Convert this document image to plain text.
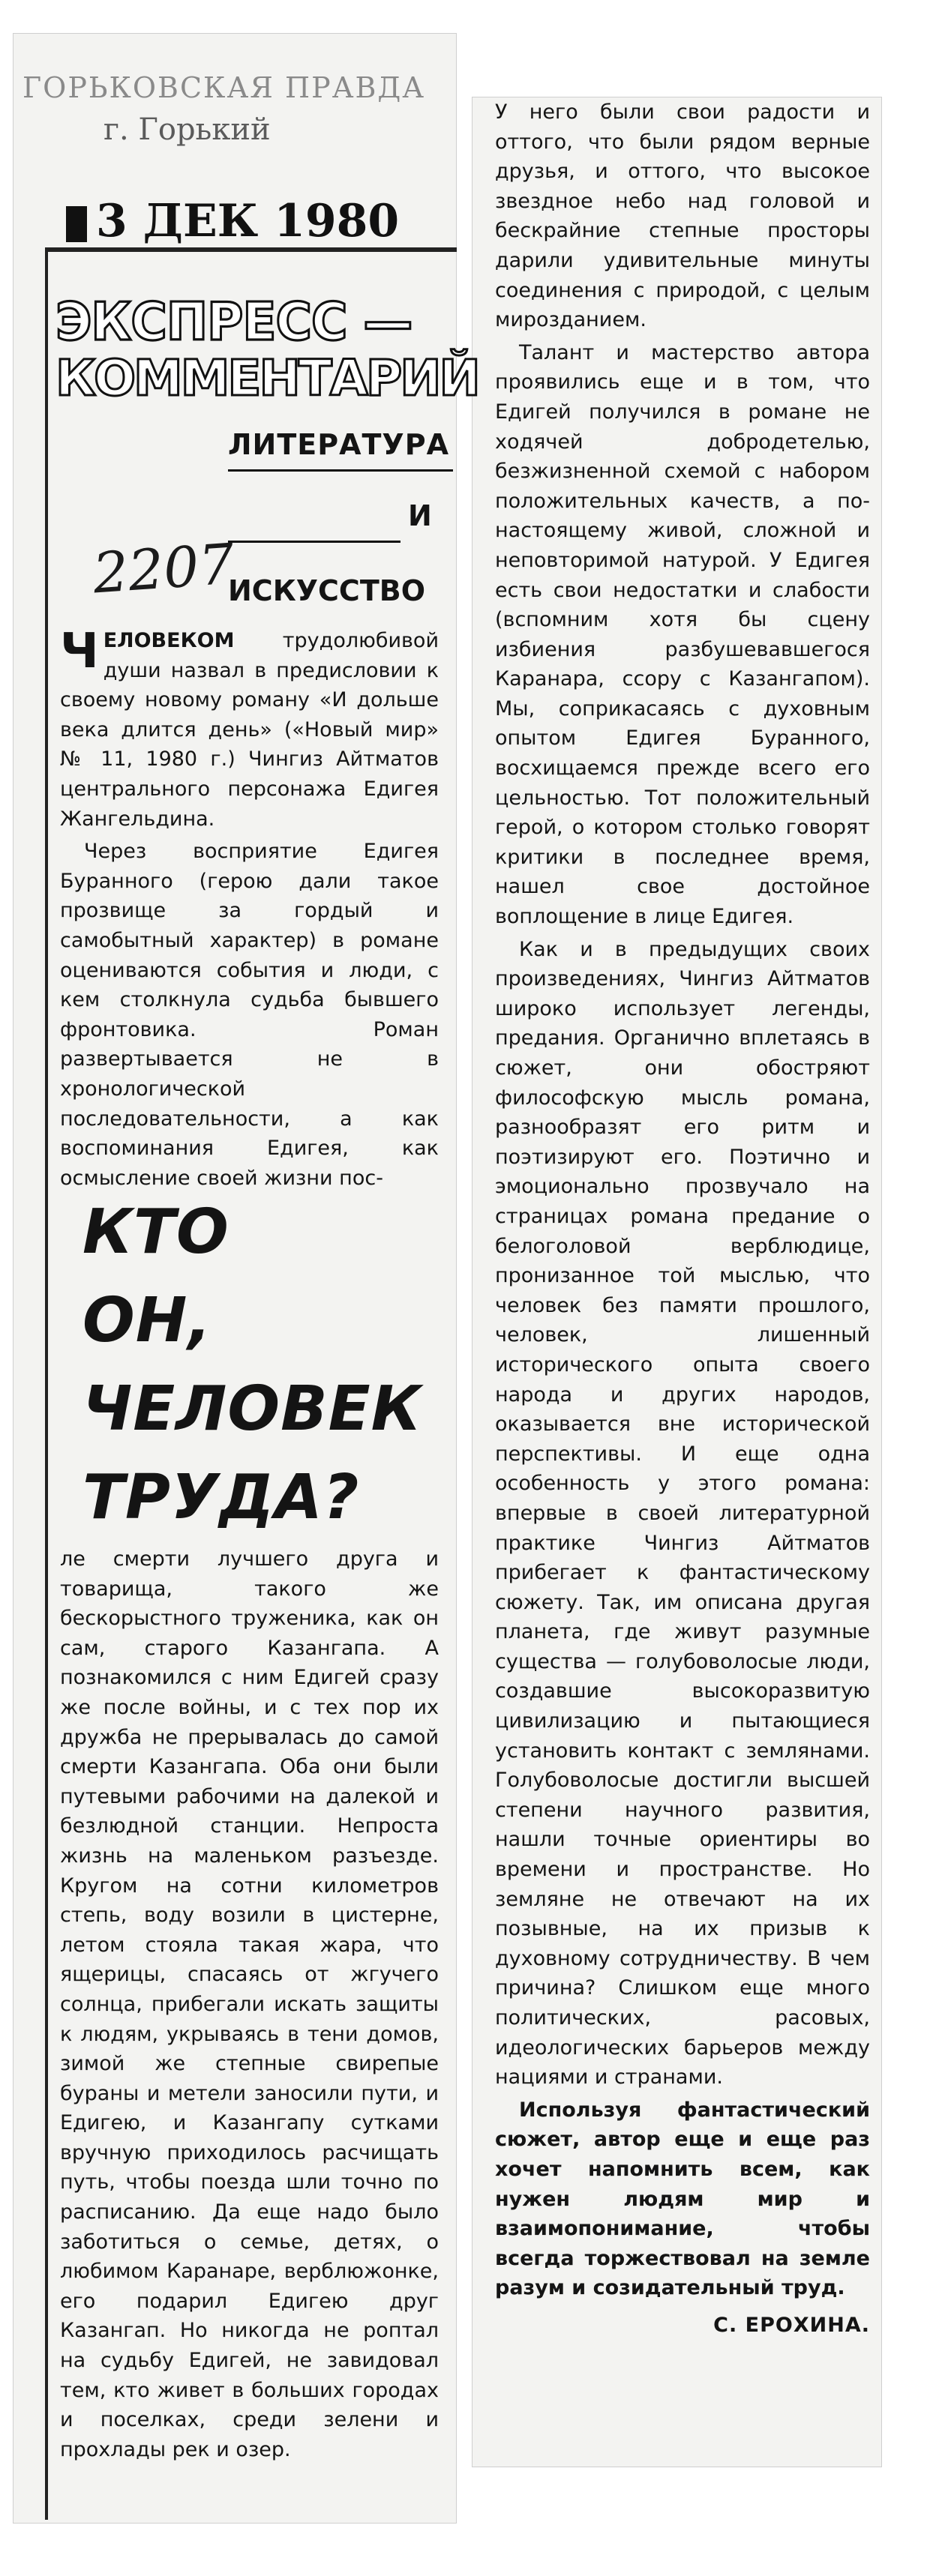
ГОРЬКОВСКАЯ ПРАВДА
г. Горький
3 ДЕК 1980
ЭКСПРЕСС —
КОММЕНТАРИЙ
ЛИТЕРАТУРА
И
ИСКУССТВО
2207

ЧЕЛОВЕКОМ трудолюбивой души назвал в предисловии к своему новому роману «И дольше века длится день» («Новый мир» № 11, 1980 г.) Чингиз Айтматов центрального персонажа Едигея Жангельдина.

Через восприятие Едигея Буранного (герою дали такое прозвище за гордый и самобытный характер) в романе оцениваются события и люди, с кем столкнула судьба бывшего фронтовика. Роман развертывается не в хронологической последовательности, а как воспоминания Едигея, как осмысление своей жизни пос-

КТО
ОН,
ЧЕЛОВЕК
ТРУДА?

ле смерти лучшего друга и товарища, такого же бескорыстного труженика, как он сам, старого Казангапа. А познакомился с ним Едигей сразу же после войны, и с тех пор их дружба не прерывалась до самой смерти Казангапа. Оба они были путевыми рабочими на далекой и безлюдной станции. Непроста жизнь на маленьком разъезде. Кругом на сотни километров степь, воду возили в цистерне, летом стояла такая жара, что ящерицы, спасаясь от жгучего солнца, прибегали искать защиты к людям, укрываясь в тени домов, зимой же степные свирепые бураны и метели заносили пути, и Едигею, и Казангапу сутками вручную приходилось расчищать путь, чтобы поезда шли точно по расписанию. Да еще надо было заботиться о семье, детях, о любимом Каранаре, верблюжонке, его подарил Едигею друг Казангап. Но никогда не роптал на судьбу Едигей, не завидовал тем, кто живет в больших городах и поселках, среди зелени и прохлады рек и озер.

У него были свои радости и оттого, что были рядом верные друзья, и оттого, что высокое звездное небо над головой и бескрайние степные просторы дарили удивительные минуты соединения с природой, с целым мирозданием.

Талант и мастерство автора проявились еще и в том, что Едигей получился в романе не ходячей добродетелью, безжизненной схемой с набором положительных качеств, а по-настоящему живой, сложной и неповторимой натурой. У Едигея есть свои недостатки и слабости (вспомним хотя бы сцену избиения разбушевавшегося Каранара, ссору с Казангапом). Мы, соприкасаясь с духовным опытом Едигея Буранного, восхищаемся прежде всего его цельностью. Тот положительный герой, о котором столько говорят критики в последнее время, нашел свое достойное воплощение в лице Едигея.

Как и в предыдущих своих произведениях, Чингиз Айтматов широко использует легенды, предания. Органично вплетаясь в сюжет, они обостряют философскую мысль романа, разнообразят его ритм и поэтизируют его. Поэтично и эмоционально прозвучало на страницах романа предание о белоголовой верблюдице, пронизанное той мыслью, что человек без памяти прошлого, человек, лишенный исторического опыта своего народа и других народов, оказывается вне исторической перспективы. И еще одна особенность у этого романа: впервые в своей литературной практике Чингиз Айтматов прибегает к фантастическому сюжету. Так, им описана другая планета, где живут разумные существа — голубоволосые люди, создавшие высокоразвитую цивилизацию и пытающиеся установить контакт с землянами. Голубоволосые достигли высшей степени научного развития, нашли точные ориентиры во времени и пространстве. Но земляне не отвечают на их позывные, на их призыв к духовному сотрудничеству. В чем причина? Слишком еще много политических, расовых, идеологических барьеров между нациями и странами.

Используя фантастический сюжет, автор еще и еще раз хочет напомнить всем, как нужен людям мир и взаимопонимание, чтобы всегда торжествовал на земле разум и созидательный труд.

С. ЕРОХИНА.
